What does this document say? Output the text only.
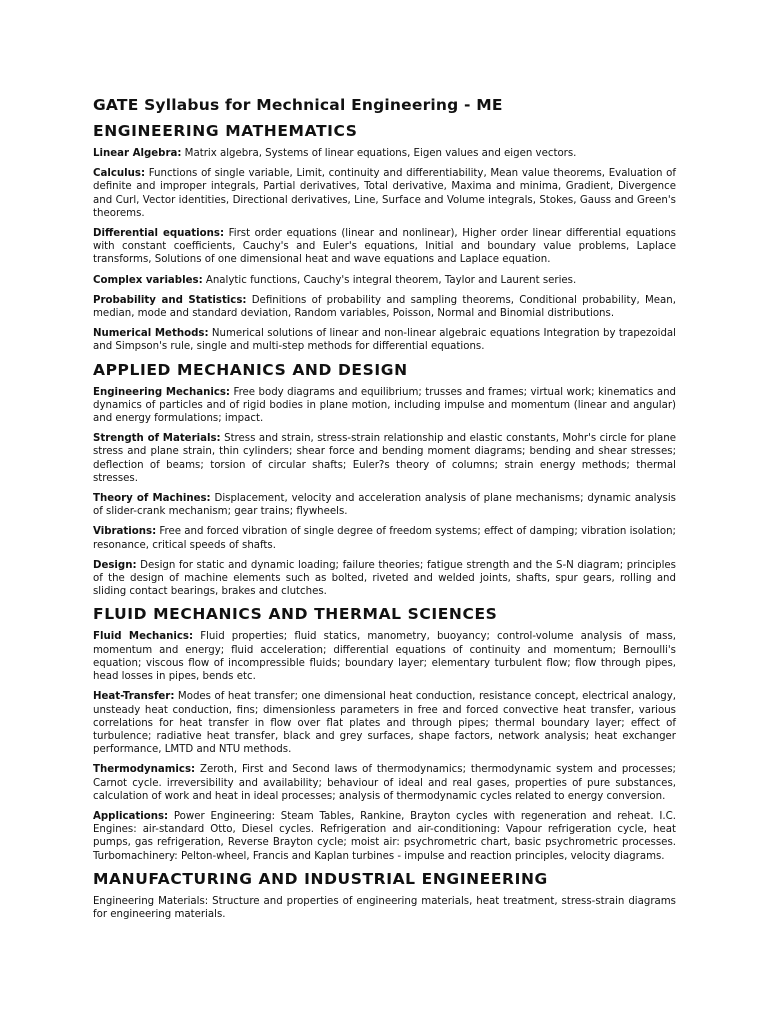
GATE Syllabus for Mechnical Engineering - ME
ENGINEERING MATHEMATICS

Linear Algebra: Matrix algebra, Systems of linear equations, Eigen values and eigen vectors.

Calculus: Functions of single variable, Limit, continuity and differentiability, Mean value theorems, Evaluation of definite and improper integrals, Partial derivatives, Total derivative, Maxima and minima, Gradient, Divergence and Curl, Vector identities, Directional derivatives, Line, Surface and Volume integrals, Stokes, Gauss and Green's theorems.

Differential equations: First order equations (linear and nonlinear), Higher order linear differential equations with constant coefficients, Cauchy's and Euler's equations, Initial and boundary value problems, Laplace transforms, Solutions of one dimensional heat and wave equations and Laplace equation.

Complex variables: Analytic functions, Cauchy's integral theorem, Taylor and Laurent series.

Probability and Statistics: Definitions of probability and sampling theorems, Conditional probability, Mean, median, mode and standard deviation, Random variables, Poisson, Normal and Binomial distributions.

Numerical Methods: Numerical solutions of linear and non-linear algebraic equations Integration by trapezoidal and Simpson's rule, single and multi-step methods for differential equations.

APPLIED MECHANICS AND DESIGN

Engineering Mechanics: Free body diagrams and equilibrium; trusses and frames; virtual work; kinematics and dynamics of particles and of rigid bodies in plane motion, including impulse and momentum (linear and angular) and energy formulations; impact.

Strength of Materials: Stress and strain, stress-strain relationship and elastic constants, Mohr's circle for plane stress and plane strain, thin cylinders; shear force and bending moment diagrams; bending and shear stresses; deflection of beams; torsion of circular shafts; Euler?s theory of columns; strain energy methods; thermal stresses.

Theory of Machines: Displacement, velocity and acceleration analysis of plane mechanisms; dynamic analysis of slider-crank mechanism; gear trains; flywheels.

Vibrations: Free and forced vibration of single degree of freedom systems; effect of damping; vibration isolation; resonance, critical speeds of shafts.

Design: Design for static and dynamic loading; failure theories; fatigue strength and the S-N diagram; principles of the design of machine elements such as bolted, riveted and welded joints, shafts, spur gears, rolling and sliding contact bearings, brakes and clutches.

FLUID MECHANICS AND THERMAL SCIENCES

Fluid Mechanics: Fluid properties; fluid statics, manometry, buoyancy; control-volume analysis of mass, momentum and energy; fluid acceleration; differential equations of continuity and momentum; Bernoulli's equation; viscous flow of incompressible fluids; boundary layer; elementary turbulent flow; flow through pipes, head losses in pipes, bends etc.

Heat-Transfer: Modes of heat transfer; one dimensional heat conduction, resistance concept, electrical analogy, unsteady heat conduction, fins; dimensionless parameters in free and forced convective heat transfer, various correlations for heat transfer in flow over flat plates and through pipes; thermal boundary layer; effect of turbulence; radiative heat transfer, black and grey surfaces, shape factors, network analysis; heat exchanger performance, LMTD and NTU methods.

Thermodynamics: Zeroth, First and Second laws of thermodynamics; thermodynamic system and processes; Carnot cycle. irreversibility and availability; behaviour of ideal and real gases, properties of pure substances, calculation of work and heat in ideal processes; analysis of thermodynamic cycles related to energy conversion.

Applications: Power Engineering: Steam Tables, Rankine, Brayton cycles with regeneration and reheat. I.C. Engines: air-standard Otto, Diesel cycles. Refrigeration and air-conditioning: Vapour refrigeration cycle, heat pumps, gas refrigeration, Reverse Brayton cycle; moist air: psychrometric chart, basic psychrometric processes. Turbomachinery: Pelton-wheel, Francis and Kaplan turbines - impulse and reaction principles, velocity diagrams.

MANUFACTURING AND INDUSTRIAL ENGINEERING

Engineering Materials: Structure and properties of engineering materials, heat treatment, stress-strain diagrams for engineering materials.
